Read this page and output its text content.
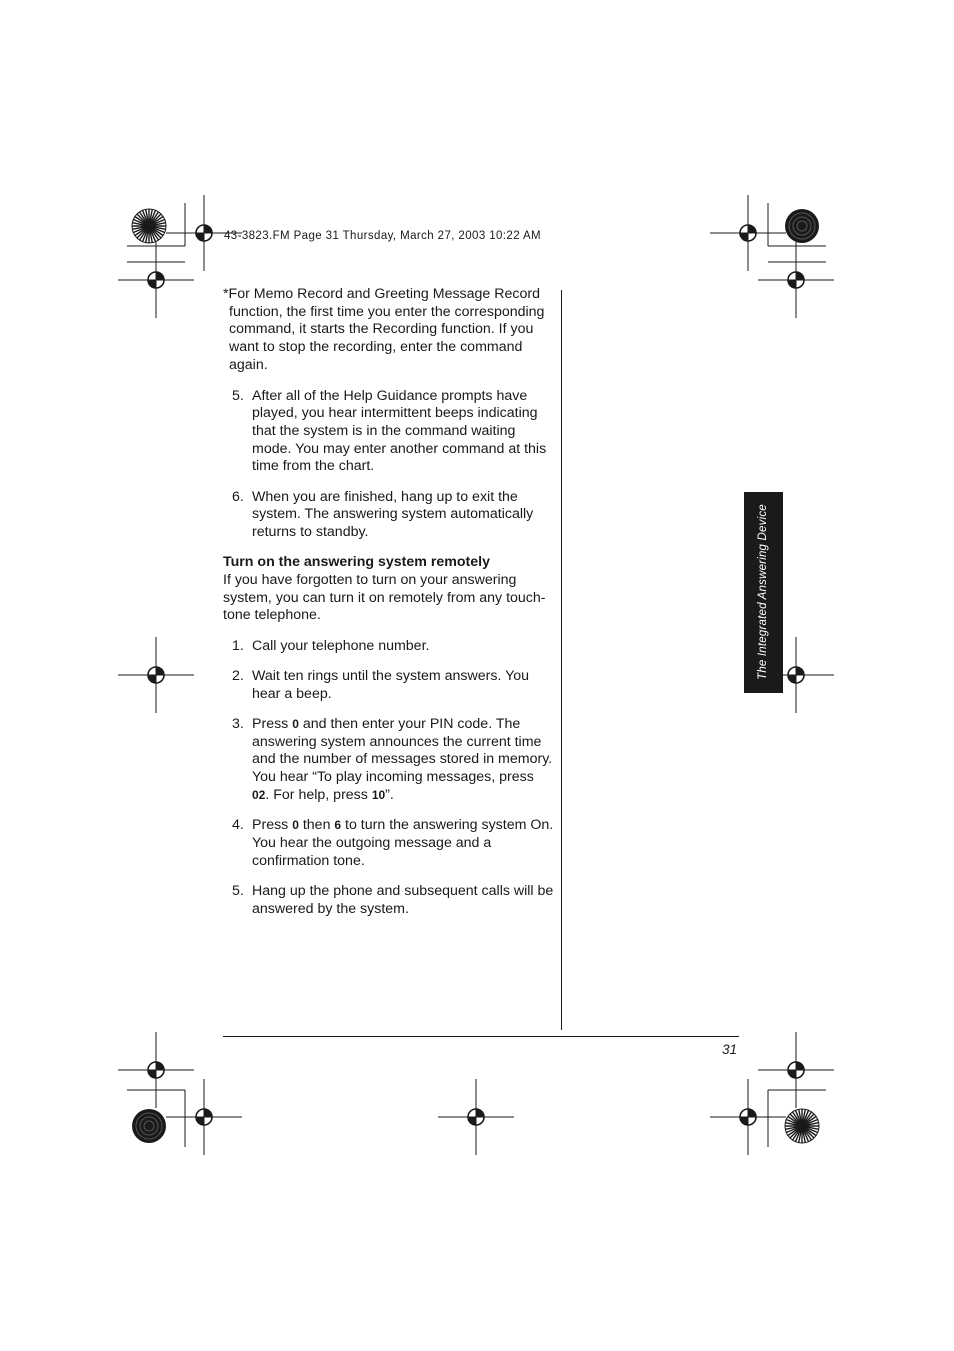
43-3823.FM Page 31 Thursday, March 27, 2003 10:22 AM

*For Memo Record and Greeting Message Record function, the first time you enter the corresponding command, it starts the Recording function. If you want to stop the recording, enter the command again.

5. After all of the Help Guidance prompts have played, you hear intermittent beeps indicating that the system is in the command waiting mode. You may enter another command at this time from the chart.
6. When you are finished, hang up to exit the system. The answering system automatically returns to standby.

Turn on the answering system remotely

If you have forgotten to turn on your answering system, you can turn it on remotely from any touch-tone telephone.

1. Call your telephone number.
2. Wait ten rings until the system answers. You hear a beep.
3. Press 0 and then enter your PIN code. The answering system announces the current time and the number of messages stored in memory. You hear “To play incoming messages, press 02. For help, press 10”.
4. Press 0 then 6 to turn the answering system On. You hear the outgoing message and a confirmation tone.
5. Hang up the phone and subsequent calls will be answered by the system.
31
The Integrated Answering Device
